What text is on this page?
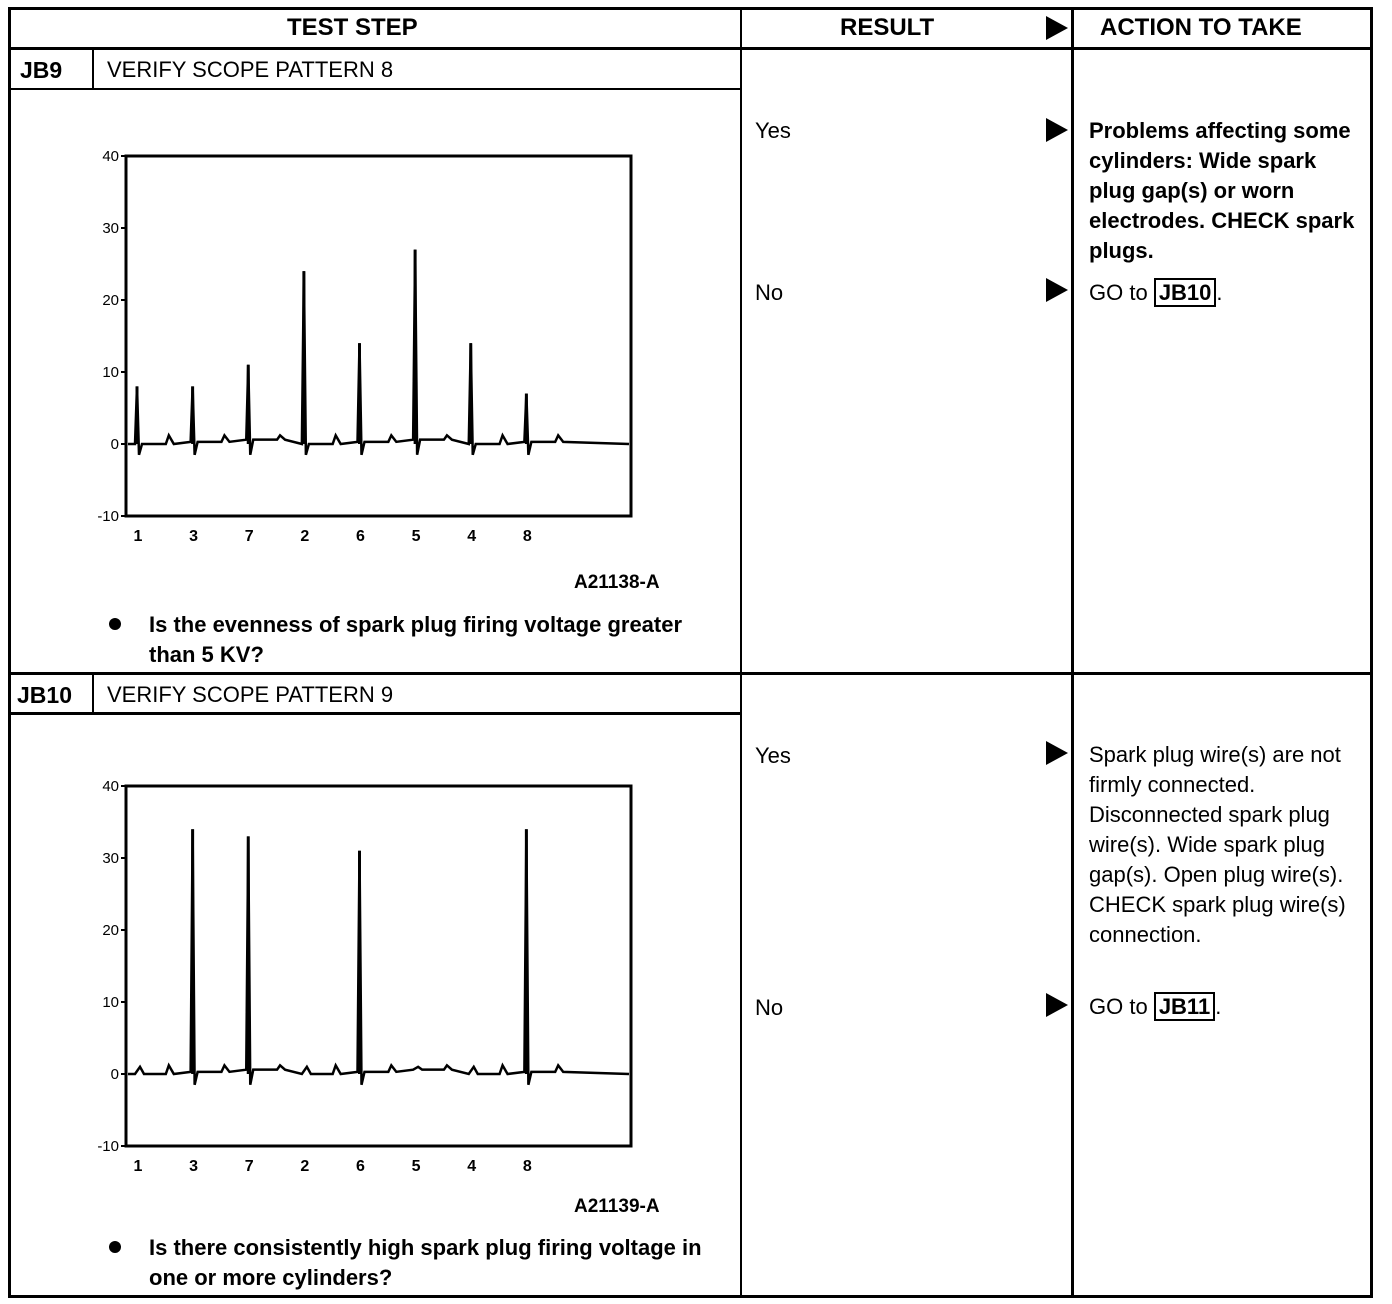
TEST STEP	RESULT	ACTION TO TAKE
JB9 VERIFY SCOPE PATTERN 8
40
30
20
10
0
-10
1	3	7	2	6	5	4	8
A21138-A
Is the evenness of spark plug firing voltage greater than 5 KV?
Yes	Problems affecting some cylinders: Wide spark plug gap(s) or worn electrodes. CHECK spark plugs.
No	GO to JB10 .
JB10 VERIFY SCOPE PATTERN 9
40
30
20
10
0
-10
1	3	7	2	6	5	4	8
A21139-A
Is there consistently high spark plug firing voltage in one or more cylinders?
Yes	Spark plug wire(s) are not firmly connected. Disconnected spark plug wire(s). Wide spark plug gap(s). Open plug wire(s). CHECK spark plug wire(s) connection.
No	GO to JB11 .
